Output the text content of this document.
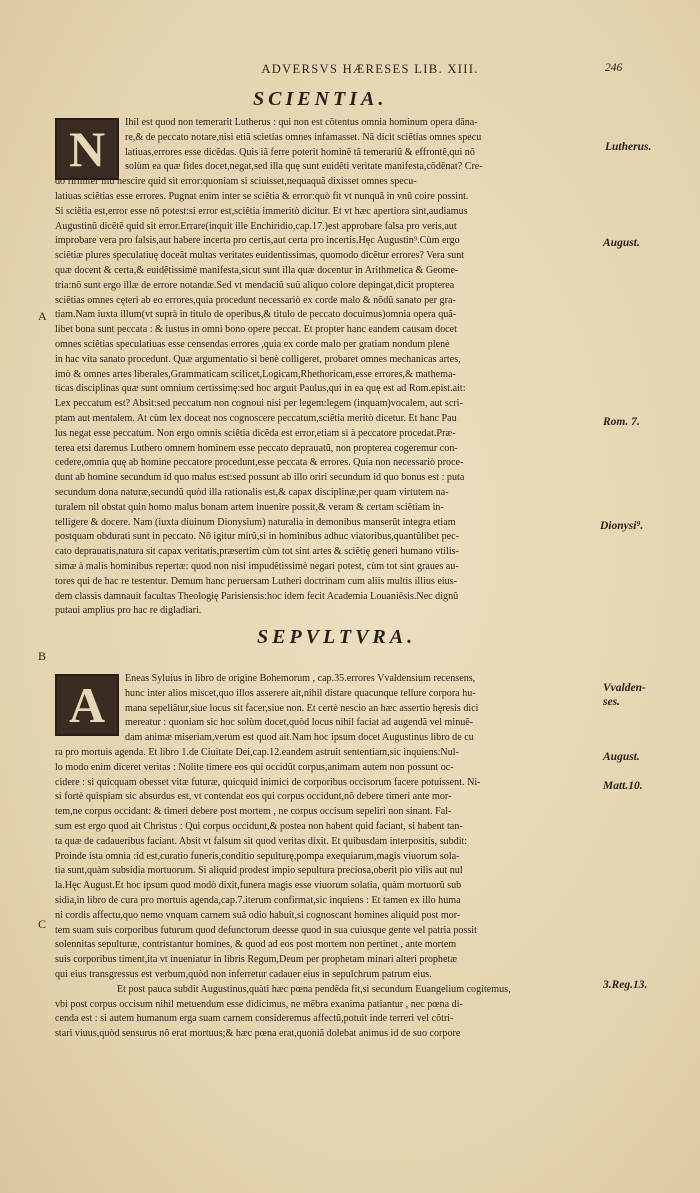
ADVERSVS HÆRESES LIB. XIII.	246
SCIENTIA.
N	Ihil est quod non temerarit Lutherus : qui non est cõtentus omnia hominum opera dãna-
re,& de peccato notare,nisi etiã scietias omnes infamasset. Nã dicit sciẽtias omnes specu
latiuas,errores esse dicẽdas. Quis iã ferre poterit hominẽ tã temerariũ & effrontẽ,qui nõ
solùm ea quæ fides docet,negat,sed illa quę sunt euidẽti veritate manifesta,cõdẽnat? Cre-
do firmiter illũ nescire quid sit error:quoniam si sciuisset,nequaquã dixisset omnes specu-
latiuas sciẽtias esse errores. Pugnat enim inter se sciẽtia & error:quò fit vt nunquã in vnũ coire possint.
Si sciẽtia est,error esse nõ potest:si error est,sciẽtia immeritò dicitur. Et vt hæc apertiora sint,audiamus
Augustinũ dicẽtẽ quid sit error.Errare(inquit ille Enchiridio,cap.17.)est approbare falsa pro veris,aut
improbare vera pro falsis,aut habere incerta pro certis,aut certa pro incertis.Hęc Augustin⁹.Cùm ergo
sciẽtiæ plures speculatiuę doceãt multas veritates euidentissimas, quomodo dicẽtur errores? Vera sunt
quæ docent & certa,& euidẽtissimè manifesta,sicut sunt illa quæ docentur in Arithmetica & Geome-
tria:nõ sunt ergo illæ de errore notandæ.Sed vt mendaciũ suũ aliquo colore depingat,dicit propterea
sciẽtias omnes cęteri ab eo errores,quia procedunt necessariò ex corde malo & nõdũ sanato per gra-
tiam.Nam iuxta illum(vt suprà in titulo de operibus,& titulo de peccato docuimus)omnia opera quã-
libet bona sunt peccata : & iustus in omni bono opere peccat. Et propter hanc eandem causam docet
omnes sciẽtias speculatiuas esse censendas errores ,quia ex corde malo per gratiam nondum plenè
in hac vita sanato procedunt. Quæ argumentatio si benè colligeret, probaret omnes mechanicas artes,
imò & omnes artes liberales,Grammaticam scilicet,Logicam,Rhethoricam,esse errores,& mathema-
ticas disciplinas quæ sunt omnium certissimę:sed hoc arguit Paulus,qui in ea quę est ad Rom.epist.ait:
Lex peccatum est? Absit:sed peccatum non cognoui nisi per legem:legem (inquam)vocalem, aut scri-
ptam aut mentalem. At cùm lex doceat nos cognoscere peccatum,sciẽtia meritò dicetur. Et hanc Pau
lus negat esse peccatum. Non ergo omnis sciẽtia dicẽda est error,etiam si à peccatore procedat.Præ-
terea etsi daremus Luthero omnem hominem esse peccato deprauatũ, non propterea cogeremur con-
cedere,omnia quę ab homine peccatore procedunt,esse peccata & errores. Quia non necessariò proce-
dunt ab homine secundum id quo malus est:sed possunt ab illo oriri secundum id quo bonus est : puta
secundum dona naturæ,secundũ quòd illa rationalis est,& capax disciplinæ,per quam virtutem na-
turalem nil obstat quin homo malus bonam artem inuenire possit,& veram & certam sciẽtiam in-
telligere & docere. Nam (iuxta diuinum Dionysium) naturalia in demonibus manserũt integra etiam
postquam obdurati sunt in peccato. Nõ igitur mirũ,si in hominibus adhuc viatoribus,quantũlibet pec-
cato deprauatis,natura sit capax veritatis,præsertim cùm tot sint artes & sciẽtię generi humano vtilis-
simæ à malis hominibus repertæ: quod non nisi impudẽtissimè negari potest, cùm tot sint graues au-
tores qui de hac re testentur. Demum hanc peruersam Lutheri doctrinam cum aliis multis illius eius-
dem classis damnauit facultas Theologię Parisiensis:hoc idem fecit Academia Louaniẽsis.Nec dignũ
putaui amplius pro hac re digladiari.
SEPVLTVRA.
A	Eneas Syluius in libro de origine Bohemorum , cap.35.errores Vvaldensium recensens,
hunc inter alios miscet,quo illos asserere ait,nihil distare quacunque tellure corpora hu-
mana sepeliãtur,siue locus sit facer,siue non. Et certè nescio an hæc assertio hęresis dici
mereatur : quoniam sic hoc solùm docet,quòd locus nihil faciat ad augendã vel minuẽ-
dam animæ miseriam,verum est quod ait.Nam hoc ipsum docet Augustinus libro de cu
ra pro mortuis agenda. Et libro 1.de Ciuitate Dei,cap.12.eandem astruit sententiam,sic inquiens:Nul-
lo modo enim diceret veritas : Nolite timere eos qui occidũt corpus,animam autem non possunt oc-
cidere : si quicquam obesset vitæ futuræ, quicquid inimici de corporibus occisorum facere potuissent. Ni-
si fortè quispiam sic absurdus est, vt contendat eos qui corpus occidunt,nõ debere timeri ante mor-
tem,ne corpus occidant: & timeri debere post mortem , ne corpus occisum sepeliri non sinant. Fal-
sum est ergo quod ait Christus : Qui corpus occidunt,& postea non habent quid faciant, si habent tan-
ta quæ de cadaueribus faciant. Absit vt falsum sit quod veritas dixit. Et quibusdam interpositis, subdit:
Proinde ista omnia :id est,curatio funeris,conditio sepulturę,pompa exequiarum,magis viuorum sola-
tia sunt,quàm subsidia mortuorum. Si aliquid prodest impio sepultura preciosa,oberit pio vilis aut nul
la.Hęc August.Et hoc ipsum quod modò dixit,funera magis esse viuorum solatia, quàm mortuorũ sub
sidia,in libro de cura pro mortuis agenda,cap.7.iterum confirmat,sic inquiens : Et tamen ex illo huma
ni cordis affectu,quo nemo vnquam carnem suã odio habuit,si cognoscant homines aliquid post mor-
tem suam suis corporibus futurum quod defunctorum deesse quod in sua cuiusque gente vel patria possit
solennitas sepulturæ, contristantur homines, & quod ad eos post mortem non pertinet , ante mortem
suis corporibus timent,ita vt inueniatur in libris Regum,Deum per prophetam minari alteri prophetæ
qui eius transgressus est verbum,quòd non inferretur cadauer eius in sepulchrum patrum eius.
Et post pauca subdit Augustinus,quàti hæc pœna pendẽda fit,si secundum Euangelium cogitemus,
vbi post corpus occisum nihil metuendum esse didicimus, ne mẽbra exanima patiantur , nec pœna di-
cenda est : si autem humanum erga suam carnem consideremus affectũ,potuit inde terreri vel cõtri-
stari viuus,quòd sensurus nõ erat mortuus;& hæc pœna erat,quoniã dolebat animus id de suo corpore
Lutherus.
August.
Rom. 7.
Dionysi⁹.
Vvalden-ses.
August.
Matt.10.
3.Reg.13.
A
B
C
